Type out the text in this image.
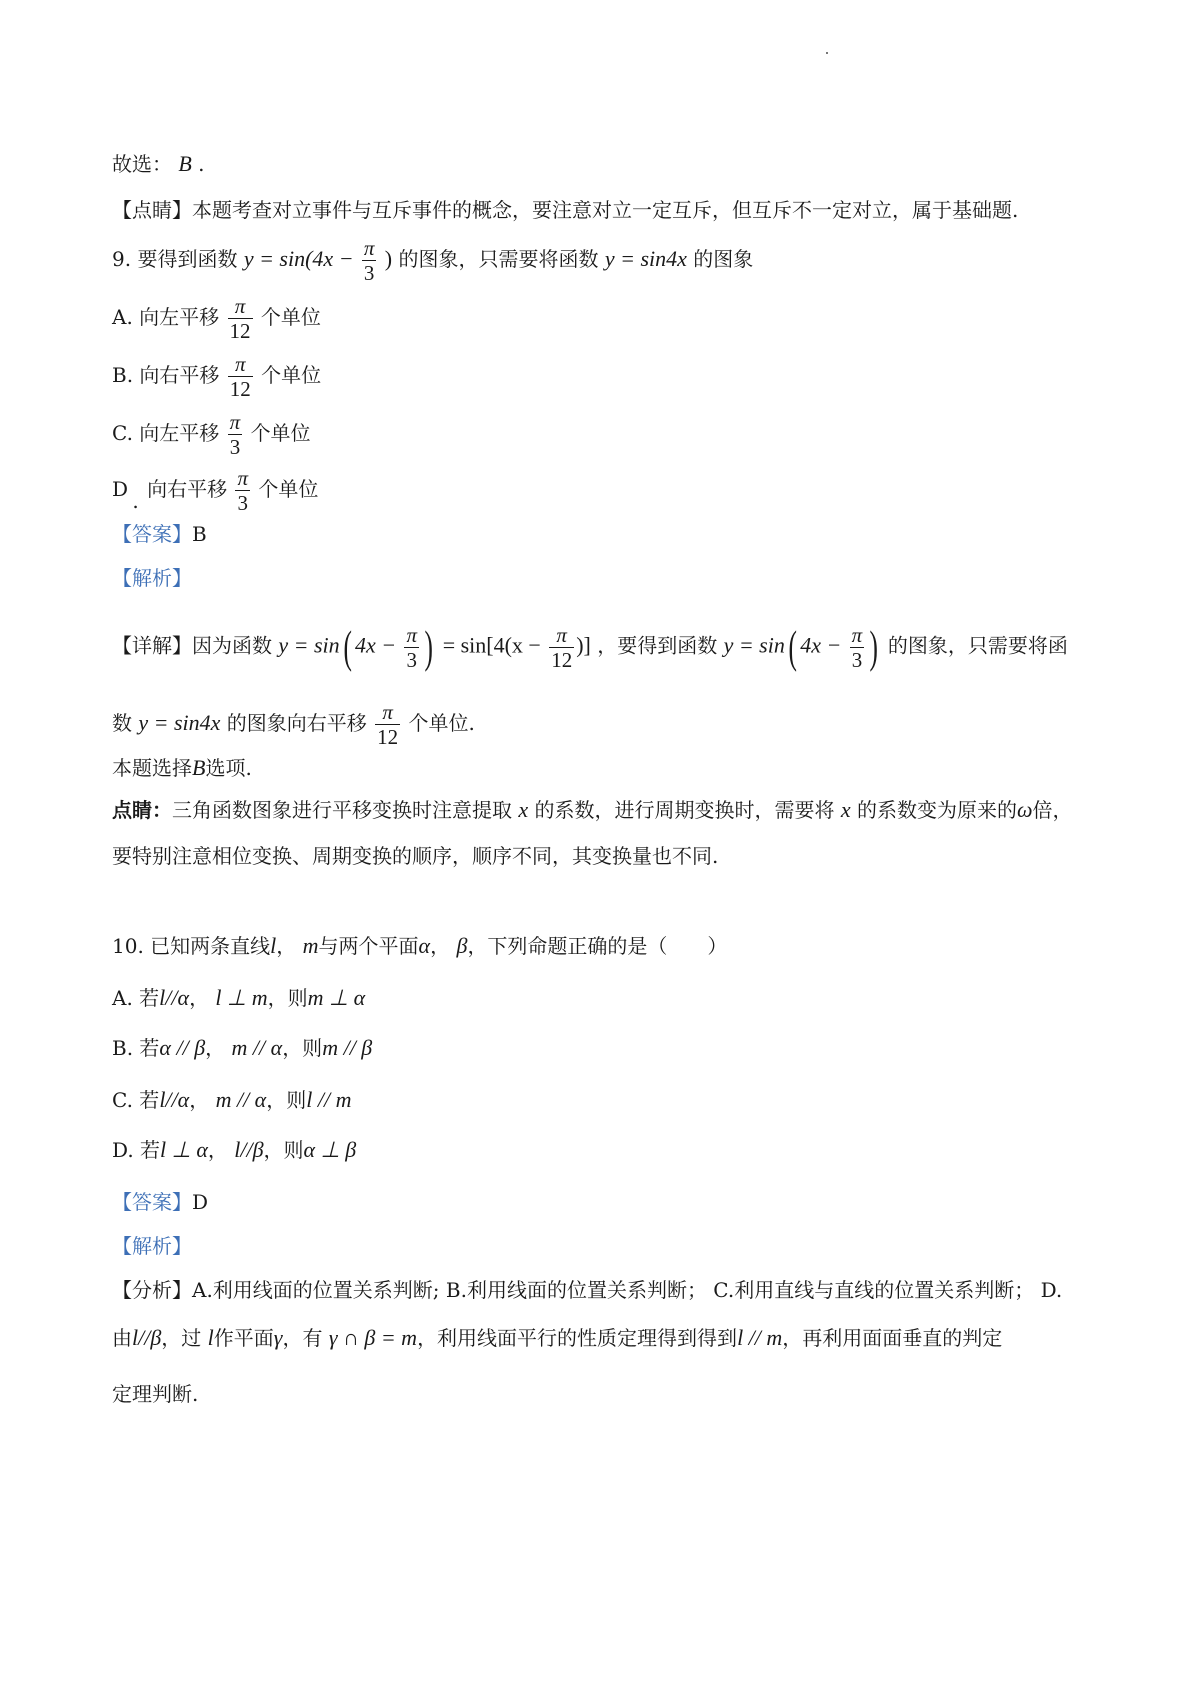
故选： B .
【点睛】本题考查对立事件与互斥事件的概念，要注意对立一定互斥，但互斥不一定对立，属于基础题.
9. 要得到函数 $y = \sin(4x - \frac{\pi}{3}$ ) 的图象，只需要将函数 y = sin4x 的图象
A. 向左平移 $\frac{\pi}{12}$ 个单位
B. 向右平移 $\frac{\pi}{12}$ 个单位
C. 向左平移 $\frac{\pi}{3}$ 个单位
D . 向右平移 $\frac{\pi}{3}$ 个单位
【答案】B
【解析】
【详解】因为函数 y = sin( $4x - \frac{\pi}{3}$ ) = $\sin[4(x - \frac{\pi}{12}$ )] ，要得到函数 y = sin( $4x - \frac{\pi}{3}$ ) 的图象，只需要将函
数 y = sin4x 的图象向右平移 $\frac{\pi}{12}$ 个单位.
本题选择B选项.
点睛：三角函数图象进行平移变换时注意提取 x 的系数，进行周期变换时，需要将 x 的系数变为原来的ω倍，
要特别注意相位变换、周期变换的顺序，顺序不同，其变换量也不同.
10. 已知两条直线l， m与两个平面α， β，下列命题正确的是（　　）
A. 若l//α， l ⊥ m，则m ⊥ α
B. 若α // β， m // α，则m // β
C. 若l//α， m // α，则l // m
D. 若l ⊥ α， l//β，则α ⊥ β
【答案】D
【解析】
【分析】A.利用线面的位置关系判断; B.利用线面的位置关系判断； C.利用直线与直线的位置关系判断； D.
由l//β，过 l作平面γ，有 γ ∩ β = m，利用线面平行的性质定理得到得到l // m，再利用面面垂直的判定
定理判断.
